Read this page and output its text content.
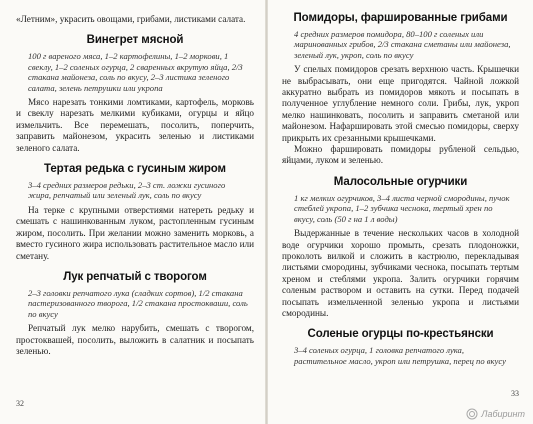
«Летним», украсить овощами, грибами, листиками салата.

Винегрет мясной

100 г вареного мяса, 1–2 картофелины, 1–2 моркови, 1 свеклу, 1–2 соленых огурца, 2 сваренных вкрутую яйца, 2/3 стакана майонеза, соль по вкусу, 2–3 листика зеленого салата, зелень петрушки или укропа

Мясо нарезать тонкими ломтиками, картофель, морковь и свеклу нарезать мелкими кубиками, огурцы и яйцо измельчить. Все перемешать, посолить, поперчить, заправить майонезом, украсить зеленью и листиками зеленого салата.

Тертая редька с гусиным жиром

3–4 средних размеров редьки, 2–3 ст. ложки гусиного жира, репчатый или зеленый лук, соль по вкусу

На терке с крупными отверстиями натереть редьку и смешать с нашинкованным луком, растопленным гусиным жиром, посолить. При желании можно заменить морковь, а вместо гусиного жира использовать растительное масло или сметану.

Лук репчатый с творогом

2–3 головки репчатого лука (сладких сортов), 1/2 стакана пастеризованного творога, 1/2 стакана простокваши, соль по вкусу

Репчатый лук мелко нарубить, смешать с творогом, простоквашей, посолить, выложить в салатник и посыпать зеленью.

32
Помидоры, фаршированные грибами

4 средних размеров помидора, 80–100 г соленых или маринованных грибов, 2/3 стакана сметаны или майонеза, зеленый лук, укроп, соль по вкусу

У спелых помидоров срезать верхнюю часть. Крышечки не выбрасывать, они еще пригодятся. Чайной ложкой аккуратно выбрать из помидоров мякоть и посыпать в полученное углубление немного соли. Грибы, лук, укроп мелко нашинковать, посолить и заправить сметаной или майонезом. Нафаршировать этой смесью помидоры, сверху прикрыть их срезанными крышечками.

Можно фаршировать помидоры рубленой сельдью, яйцами, луком и зеленью.

Малосольные огурчики

1 кг мелких огурчиков, 3–4 листа черной смородины, пучок стеблей укропа, 1–2 зубчика чеснока, тертый хрен по вкусу, соль (50 г на 1 л воды)

Выдержанные в течение нескольких часов в холодной воде огурчики хорошо промыть, срезать плодоножки, проколоть вилкой и сложить в кастрюлю, перекладывая листьями смородины, зубчиками чеснока, посыпать тертым хреном и стеблями укропа. Залить огурчики горячим соленым раствором и оставить на сутки. Перед подачей посыпать измельченной зеленью укропа и листьями смородины.

Соленые огурцы по-крестьянски

3–4 соленых огурца, 1 головка репчатого лука, растительное масло, укроп или петрушка, перец по вкусу

33
Лабиринт
